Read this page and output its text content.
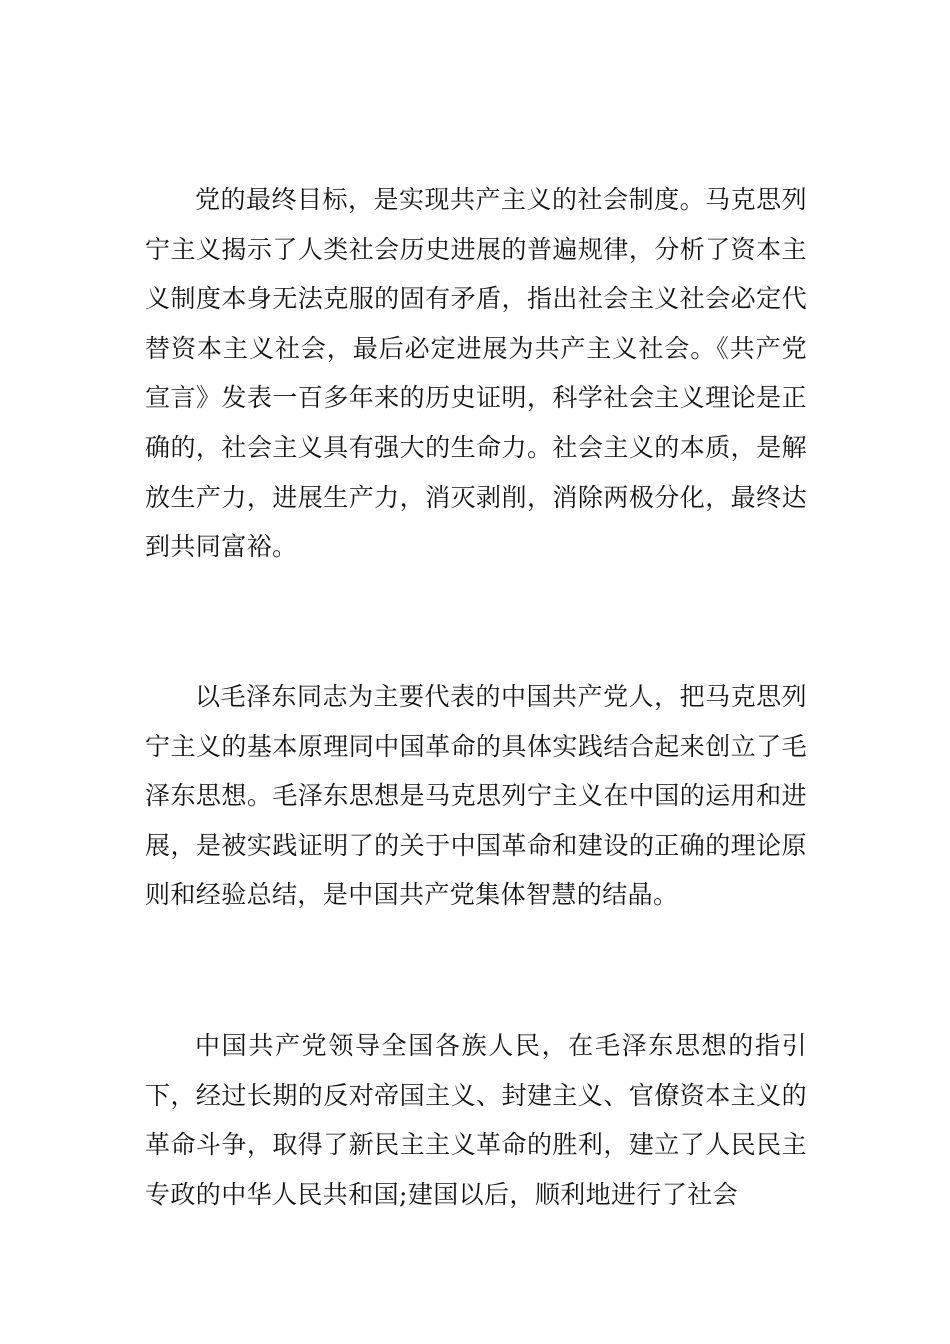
党的最终目标，是实现共产主义的社会制度。马克思列宁主义揭示了人类社会历史进展的普遍规律，分析了资本主义制度本身无法克服的固有矛盾，指出社会主义社会必定代替资本主义社会，最后必定进展为共产主义社会。《共产党宣言》发表一百多年来的历史证明，科学社会主义理论是正确的，社会主义具有强大的生命力。社会主义的本质，是解放生产力，进展生产力，消灭剥削，消除两极分化，最终达到共同富裕。

以毛泽东同志为主要代表的中国共产党人，把马克思列宁主义的基本原理同中国革命的具体实践结合起来创立了毛泽东思想。毛泽东思想是马克思列宁主义在中国的运用和进展，是被实践证明了的关于中国革命和建设的正确的理论原则和经验总结，是中国共产党集体智慧的结晶。

中国共产党领导全国各族人民，在毛泽东思想的指引下，经过长期的反对帝国主义、封建主义、官僚资本主义的革命斗争，取得了新民主主义革命的胜利，建立了人民民主专政的中华人民共和国;建国以后，顺利地进行了社会
